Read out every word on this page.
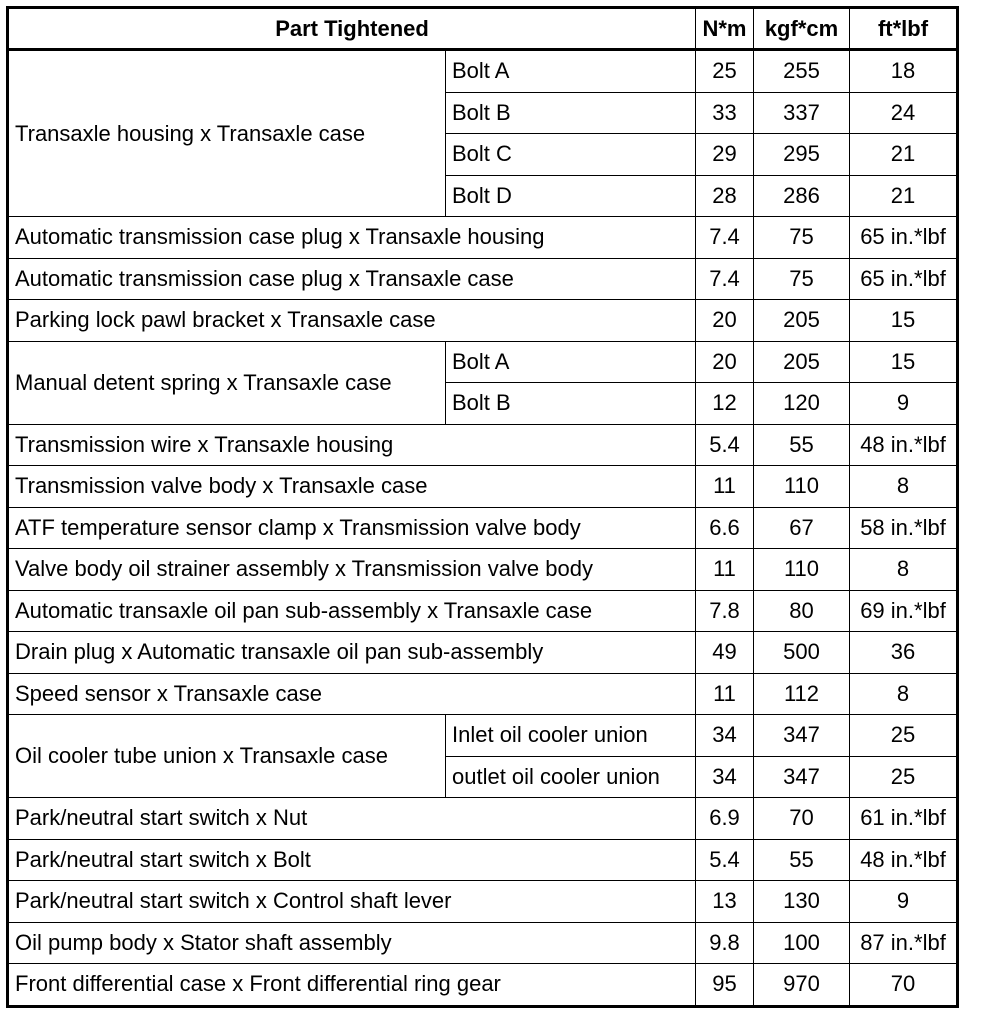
Part Tightened		N*m	kgf*cm	ft*lbf
Transaxle housing x Transaxle case	Bolt A	25	255	18
	Bolt B	33	337	24
	Bolt C	29	295	21
	Bolt D	28	286	21
Automatic transmission case plug x Transaxle housing		7.4	75	65 in.*lbf
Automatic transmission case plug x Transaxle case		7.4	75	65 in.*lbf
Parking lock pawl bracket x Transaxle case		20	205	15
Manual detent spring x Transaxle case	Bolt A	20	205	15
	Bolt B	12	120	9
Transmission wire x Transaxle housing		5.4	55	48 in.*lbf
Transmission valve body x Transaxle case		11	110	8
ATF temperature sensor clamp x Transmission valve body		6.6	67	58 in.*lbf
Valve body oil strainer assembly x Transmission valve body		11	110	8
Automatic transaxle oil pan sub-assembly x Transaxle case		7.8	80	69 in.*lbf
Drain plug x Automatic transaxle oil pan sub-assembly		49	500	36
Speed sensor x Transaxle case		11	112	8
Oil cooler tube union x Transaxle case	Inlet oil cooler union	34	347	25
	outlet oil cooler union	34	347	25
Park/neutral start switch x Nut		6.9	70	61 in.*lbf
Park/neutral start switch x Bolt		5.4	55	48 in.*lbf
Park/neutral start switch x Control shaft lever		13	130	9
Oil pump body x Stator shaft assembly		9.8	100	87 in.*lbf
Front differential case x Front differential ring gear		95	970	70
